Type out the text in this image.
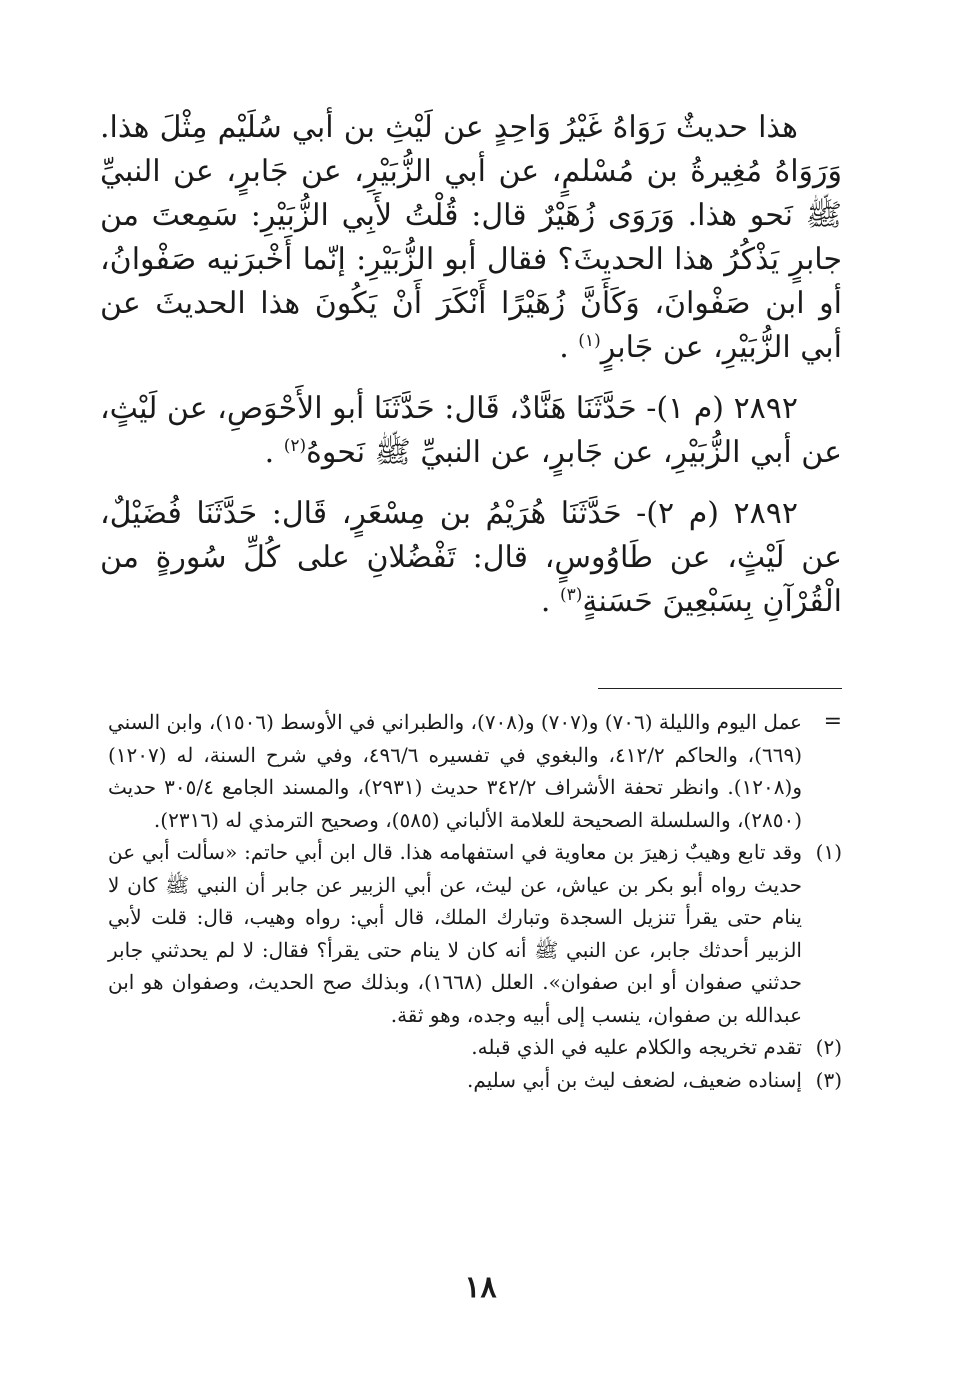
هذا حديثٌ رَوَاهُ غَيْرُ وَاحِدٍ عن لَيْثِ بن أبي سُلَيْم مِثْلَ هذا. وَرَوَاهُ مُغِيرةُ بن مُسْلمٍ، عن أبي الزُّبَيْرِ، عن جَابرٍ، عن النبيِّ ﷺ نَحو هذا. وَرَوَى زُهَيْرٌ قال: قُلْتُ لأَبِي الزُّبَيْرِ: سَمِعتَ من جابرٍ يَذْكُرُ هذا الحديثَ؟ فقال أبو الزُّبَيْرِ: إنّما أَخْبرَنيه صَفْوانُ، أو ابن صَفْوانَ، وَكَأَنَّ زُهَيْرًا أَنْكَرَ أَنْ يَكُونَ هذا الحديثَ عن أبي الزُّبَيْرِ، عن جَابرٍ$^{(١)}$ .

٢٨٩٢ (م ١)- حَدَّثَنَا هَنَّادٌ، قَال: حَدَّثَنَا أبو الأَحْوَصِ، عن لَيْثٍ، عن أبي الزُّبَيْرِ، عن جَابرٍ، عن النبيِّ ﷺ نَحوهُ$^{(٢)}$ .

٢٨٩٢ (م ٢)- حَدَّثَنَا هُرَيْمُ بن مِسْعَرٍ، قَال: حَدَّثَنَا فُضَيْلٌ، عن لَيْثٍ، عن طَاوُوسٍ، قال: تَفْضُلانِ على كُلِّ سُورةٍ من الْقُرْآنِ بِسَبْعِينَ حَسَنةٍ$^{(٣)}$ .

=
عمل اليوم والليلة (٧٠٦) و(٧٠٧) و(٧٠٨)، والطبراني في الأوسط (١٥٠٦)، وابن السني (٦٦٩)، والحاكم ٤١٢/٢، والبغوي في تفسيره ٤٩٦/٦، وفي شرح السنة، له (١٢٠٧) و(١٢٠٨). وانظر تحفة الأشراف ٣٤٢/٢ حديث (٢٩٣١)، والمسند الجامع ٣٠٥/٤ حديث (٢٨٥٠)، والسلسلة الصحيحة للعلامة الألباني (٥٨٥)، وصحيح الترمذي له (٢٣١٦).
(١)
وقد تابع وهيبٌ زهيرَ بن معاوية في استفهامه هذا. قال ابن أبي حاتم: «سألت أبي عن حديث رواه أبو بكر بن عياش، عن ليث، عن أبي الزبير عن جابر أن النبي ﷺ كان لا ينام حتى يقرأ تنزيل السجدة وتبارك الملك، قال أبي: رواه وهيب، قال: قلت لأبي الزبير أحدثك جابر، عن النبي ﷺ أنه كان لا ينام حتى يقرأ؟ فقال: لا لم يحدثني جابر حدثني صفوان أو ابن صفوان». العلل (١٦٦٨)، وبذلك صح الحديث، وصفوان هو ابن عبدالله بن صفوان، ينسب إلى أبيه وجده، وهو ثقة.
(٢)
تقدم تخريجه والكلام عليه في الذي قبله.
(٣)
إسناده ضعيف، لضعف ليث بن أبي سليم.
١٨
